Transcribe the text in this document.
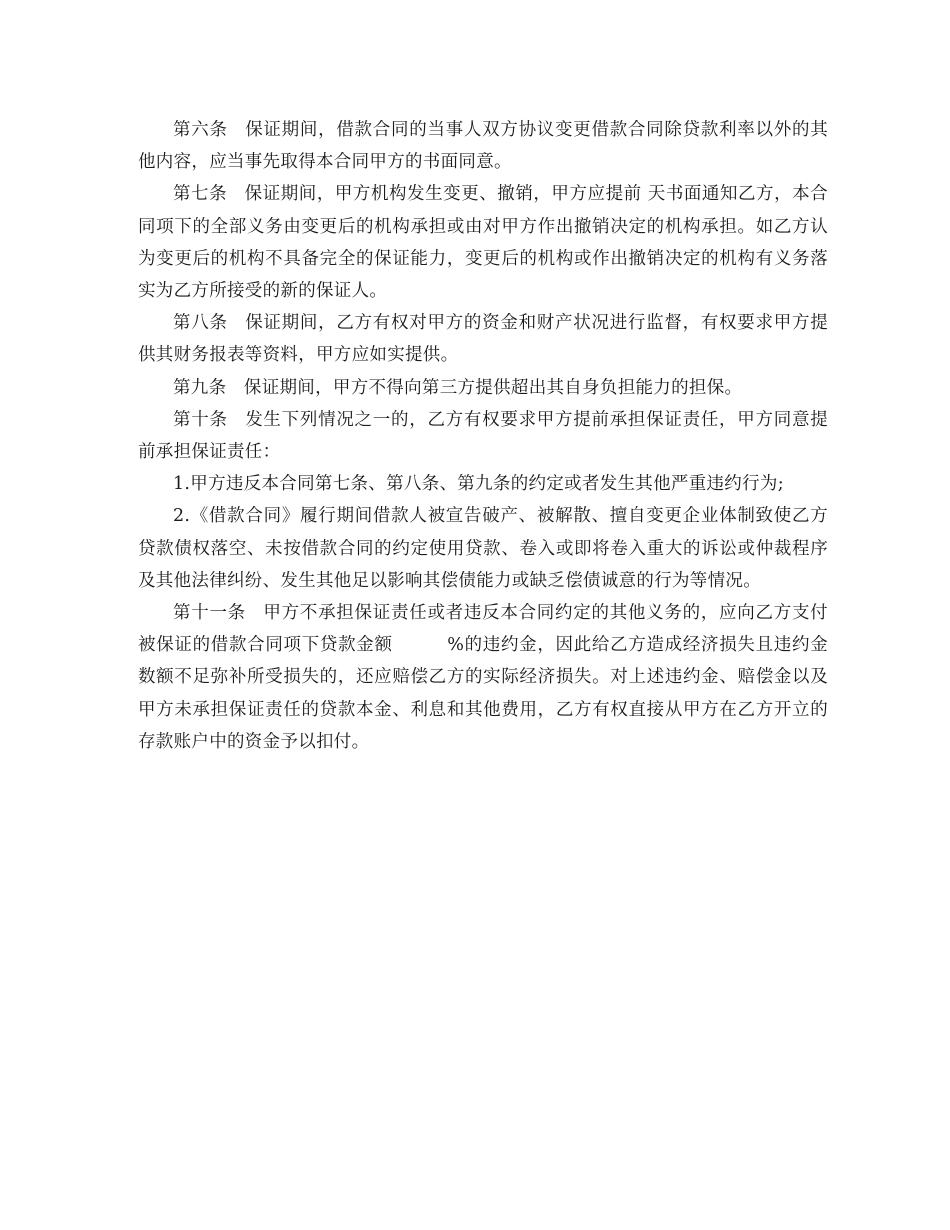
第六条 保证期间，借款合同的当事人双方协议变更借款合同除贷款利率以外的其他内容，应当事先取得本合同甲方的书面同意。

第七条 保证期间，甲方机构发生变更、撤销，甲方应提前 天书面通知乙方，本合同项下的全部义务由变更后的机构承担或由对甲方作出撤销决定的机构承担。如乙方认为变更后的机构不具备完全的保证能力，变更后的机构或作出撤销决定的机构有义务落实为乙方所接受的新的保证人。

第八条 保证期间，乙方有权对甲方的资金和财产状况进行监督，有权要求甲方提供其财务报表等资料，甲方应如实提供。

第九条 保证期间，甲方不得向第三方提供超出其自身负担能力的担保。

第十条 发生下列情况之一的，乙方有权要求甲方提前承担保证责任，甲方同意提前承担保证责任：

1.甲方违反本合同第七条、第八条、第九条的约定或者发生其他严重违约行为;

2.《借款合同》履行期间借款人被宣告破产、被解散、擅自变更企业体制致使乙方贷款债权落空、未按借款合同的约定使用贷款、卷入或即将卷入重大的诉讼或仲裁程序及其他法律纠纷、发生其他足以影响其偿债能力或缺乏偿债诚意的行为等情况。

第十一条 甲方不承担保证责任或者违反本合同约定的其他义务的，应向乙方支付被保证的借款合同项下贷款金额　　　%的违约金，因此给乙方造成经济损失且违约金数额不足弥补所受损失的，还应赔偿乙方的实际经济损失。对上述违约金、赔偿金以及甲方未承担保证责任的贷款本金、利息和其他费用，乙方有权直接从甲方在乙方开立的存款账户中的资金予以扣付。
